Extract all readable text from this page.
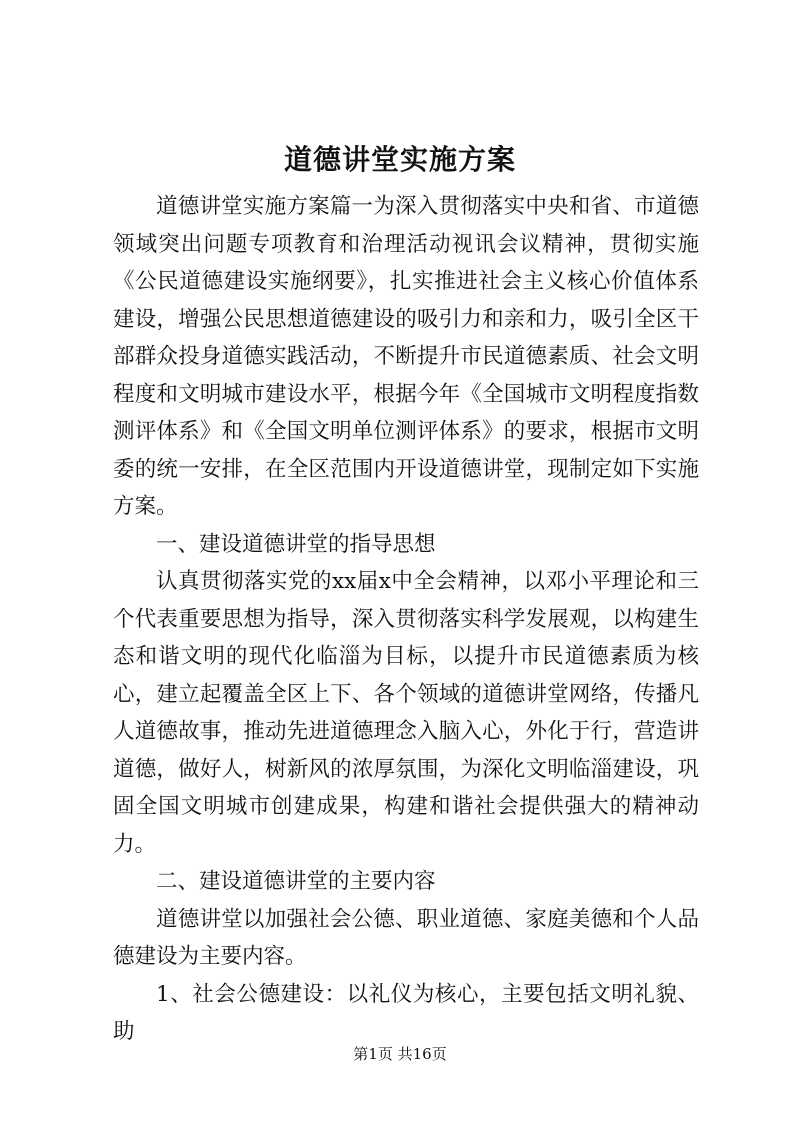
道德讲堂实施方案

道德讲堂实施方案篇一为深入贯彻落实中央和省、市道德领域突出问题专项教育和治理活动视讯会议精神，贯彻实施《公民道德建设实施纲要》，扎实推进社会主义核心价值体系建设，增强公民思想道德建设的吸引力和亲和力，吸引全区干部群众投身道德实践活动，不断提升市民道德素质、社会文明程度和文明城市建设水平，根据今年《全国城市文明程度指数测评体系》和《全国文明单位测评体系》的要求，根据市文明委的统一安排，在全区范围内开设道德讲堂，现制定如下实施方案。

一、建设道德讲堂的指导思想

认真贯彻落实党的xx届x中全会精神，以邓小平理论和三个代表重要思想为指导，深入贯彻落实科学发展观，以构建生态和谐文明的现代化临淄为目标，以提升市民道德素质为核心，建立起覆盖全区上下、各个领域的道德讲堂网络，传播凡人道德故事，推动先进道德理念入脑入心，外化于行，营造讲道德，做好人，树新风的浓厚氛围，为深化文明临淄建设，巩固全国文明城市创建成果，构建和谐社会提供强大的精神动力。

二、建设道德讲堂的主要内容

道德讲堂以加强社会公德、职业道德、家庭美德和个人品德建设为主要内容。

1、社会公德建设：以礼仪为核心，主要包括文明礼貌、助

第1页 共16页
